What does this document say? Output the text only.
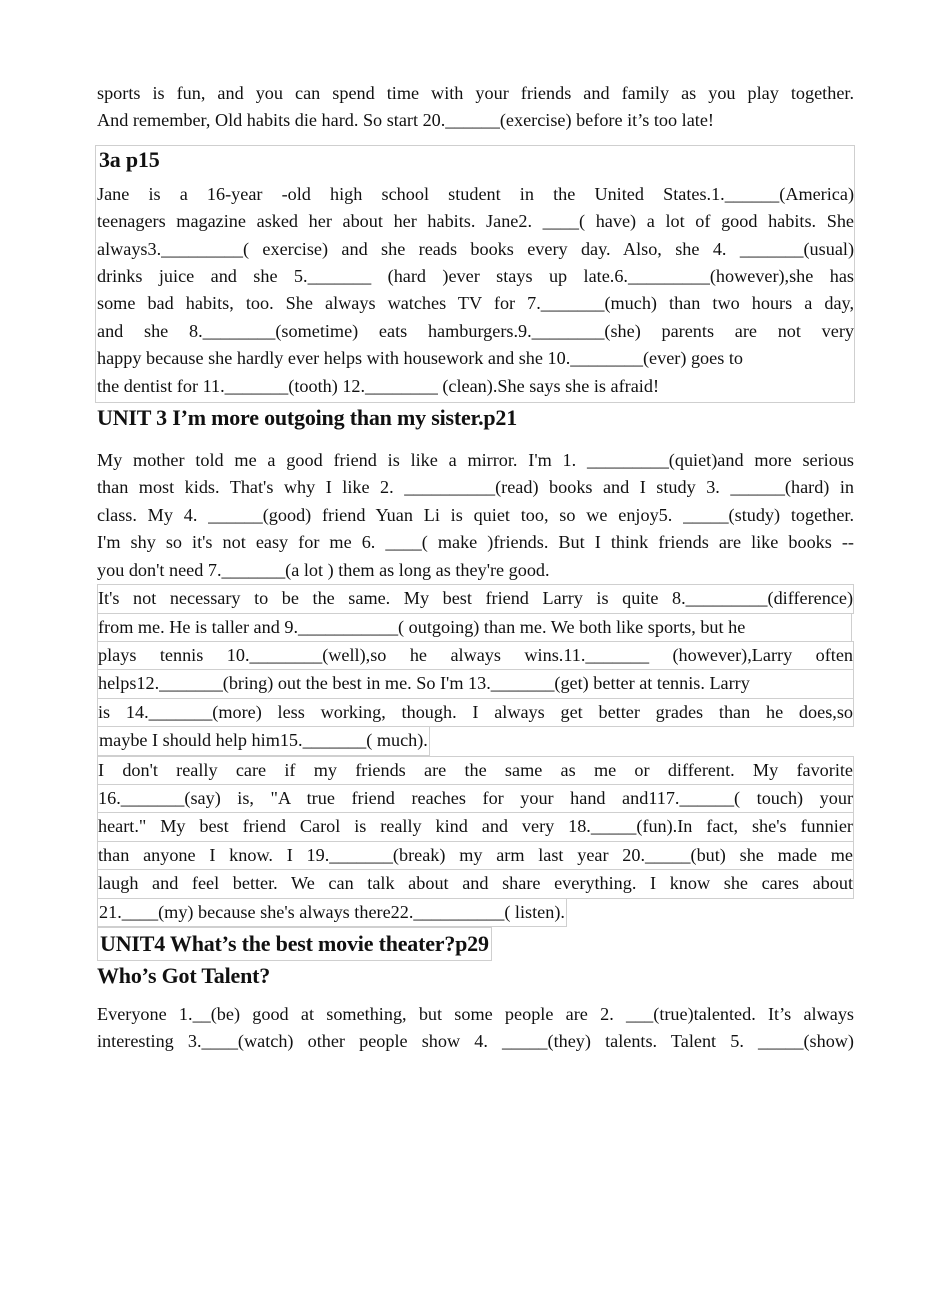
sports is fun, and you can spend time with your friends and family as you play together.
And remember, Old habits die hard. So start 20.______(exercise) before it’s too late!
3a p15
Jane is a 16-year -old high school student in the United States.1.______(America)
teenagers magazine asked her about her habits. Jane2. ____( have) a lot of good habits. She
always3._________( exercise) and she reads books every day. Also, she 4. _______(usual)
drinks juice and she 5._______ (hard )ever stays up late.6._________(however),she has
some bad habits, too. She always watches TV for 7._______(much) than two hours a day,
and she 8.________(sometime) eats hamburgers.9.________(she) parents are not very
happy because she hardly ever helps with housework and she 10.________(ever) goes to
the dentist for 11._______(tooth) 12.________ (clean).She says she is afraid!
UNIT 3 I’m more outgoing than my sister.p21
My mother told me a good friend is like a mirror. I'm 1. _________(quiet)and more serious
than most kids. That's why I like 2. __________(read) books and I study 3. ______(hard) in
class. My 4. ______(good) friend Yuan Li is quiet too, so we enjoy5. _____(study) together.
I'm shy so it's not easy for me 6. ____( make )friends. But I think friends are like books --
you don't need 7._______(a lot ) them as long as they're good.
It's not necessary to be the same. My best friend Larry is quite 8._________(difference)
from me. He is taller and 9.___________( outgoing) than me. We both like sports, but he
plays tennis 10.________(well),so he always wins.11._______ (however),Larry often
helps12._______(bring) out the best in me. So I'm 13._______(get) better at tennis. Larry
is 14._______(more) less working, though. I always get better grades than he does,so
maybe I should help him15._______( much).
I don't really care if my friends are the same as me or different. My favorite
16._______(say) is, "A true friend reaches for your hand and117.______( touch) your
heart." My best friend Carol is really kind and very 18._____(fun).In fact, she's funnier
than anyone I know. I 19._______(break) my arm last year 20._____(but) she made me
laugh and feel better. We can talk about and share everything. I know she cares about
21.____(my) because she's always there22.__________( listen).
UNIT4 What’s the best movie theater?p29
Who’s Got Talent?
Everyone 1.__(be) good at something, but some people are 2. ___(true)talented. It’s always
interesting 3.____(watch) other people show 4. _____(they) talents. Talent 5. _____(show)
